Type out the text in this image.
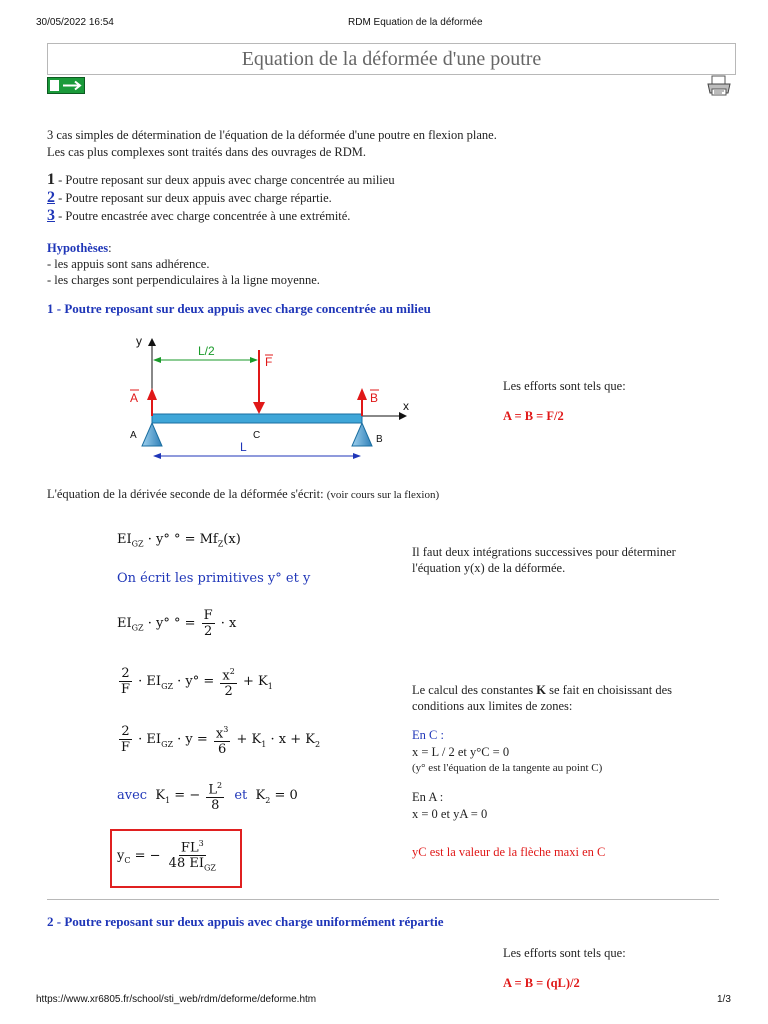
30/05/2022 16:54	RDM Equation de la déformée
Equation de la déformée d'une poutre
3 cas simples de détermination de l'équation de la déformée d'une poutre en flexion plane.
Les cas plus complexes sont traités dans des ouvrages de RDM.
1 - Poutre reposant sur deux appuis avec charge concentrée au milieu
2 - Poutre reposant sur deux appuis avec charge répartie.
3 - Poutre encastrée avec charge concentrée à une extrémité.
Hypothèses:
- les appuis sont sans adhérence.
- les charges sont perpendiculaires à la ligne moyenne.
1 - Poutre reposant sur deux appuis avec charge concentrée au milieu
y
x
L/2
F
A	B
A	B
C
L
Les efforts sont tels que:
A = B = F/2
L'équation de la dérivée seconde de la déformée s'écrit: (voir cours sur la flexion)
$EI_{GZ} \cdot y^\circ$ ° = $Mf_Z(x)$
On écrit les primitives y° et y
$EI_{GZ} \cdot y^\circ$ ° = $\frac{F}{2} \cdot x$
$\frac{2}{F} \cdot EI_{GZ} \cdot y^\circ = \frac{x^2}{2} + K_1$
$\frac{2}{F} \cdot EI_{GZ} \cdot y = \frac{x^3}{6} + K_1 \cdot x + K_2$
avec $K_1$ = − $\frac{L^2}{8}$ et $K_2 = 0$
$y_C$ = − $\frac{FL^3}{48 EI_{GZ}}$
Il faut deux intégrations successives pour déterminer l'équation y(x) de la déformée.
Le calcul des constantes K se fait en choisissant des conditions aux limites de zones:
En C :
x = L / 2 et y°C = 0
(y° est l'équation de la tangente au point C)
En A :
x = 0 et yA = 0
yC est la valeur de la flèche maxi en C
2 - Poutre reposant sur deux appuis avec charge uniformément répartie
Les efforts sont tels que:
A = B = (qL)/2
https://www.xr6805.fr/school/sti_web/rdm/deforme/deforme.htm	1/3
